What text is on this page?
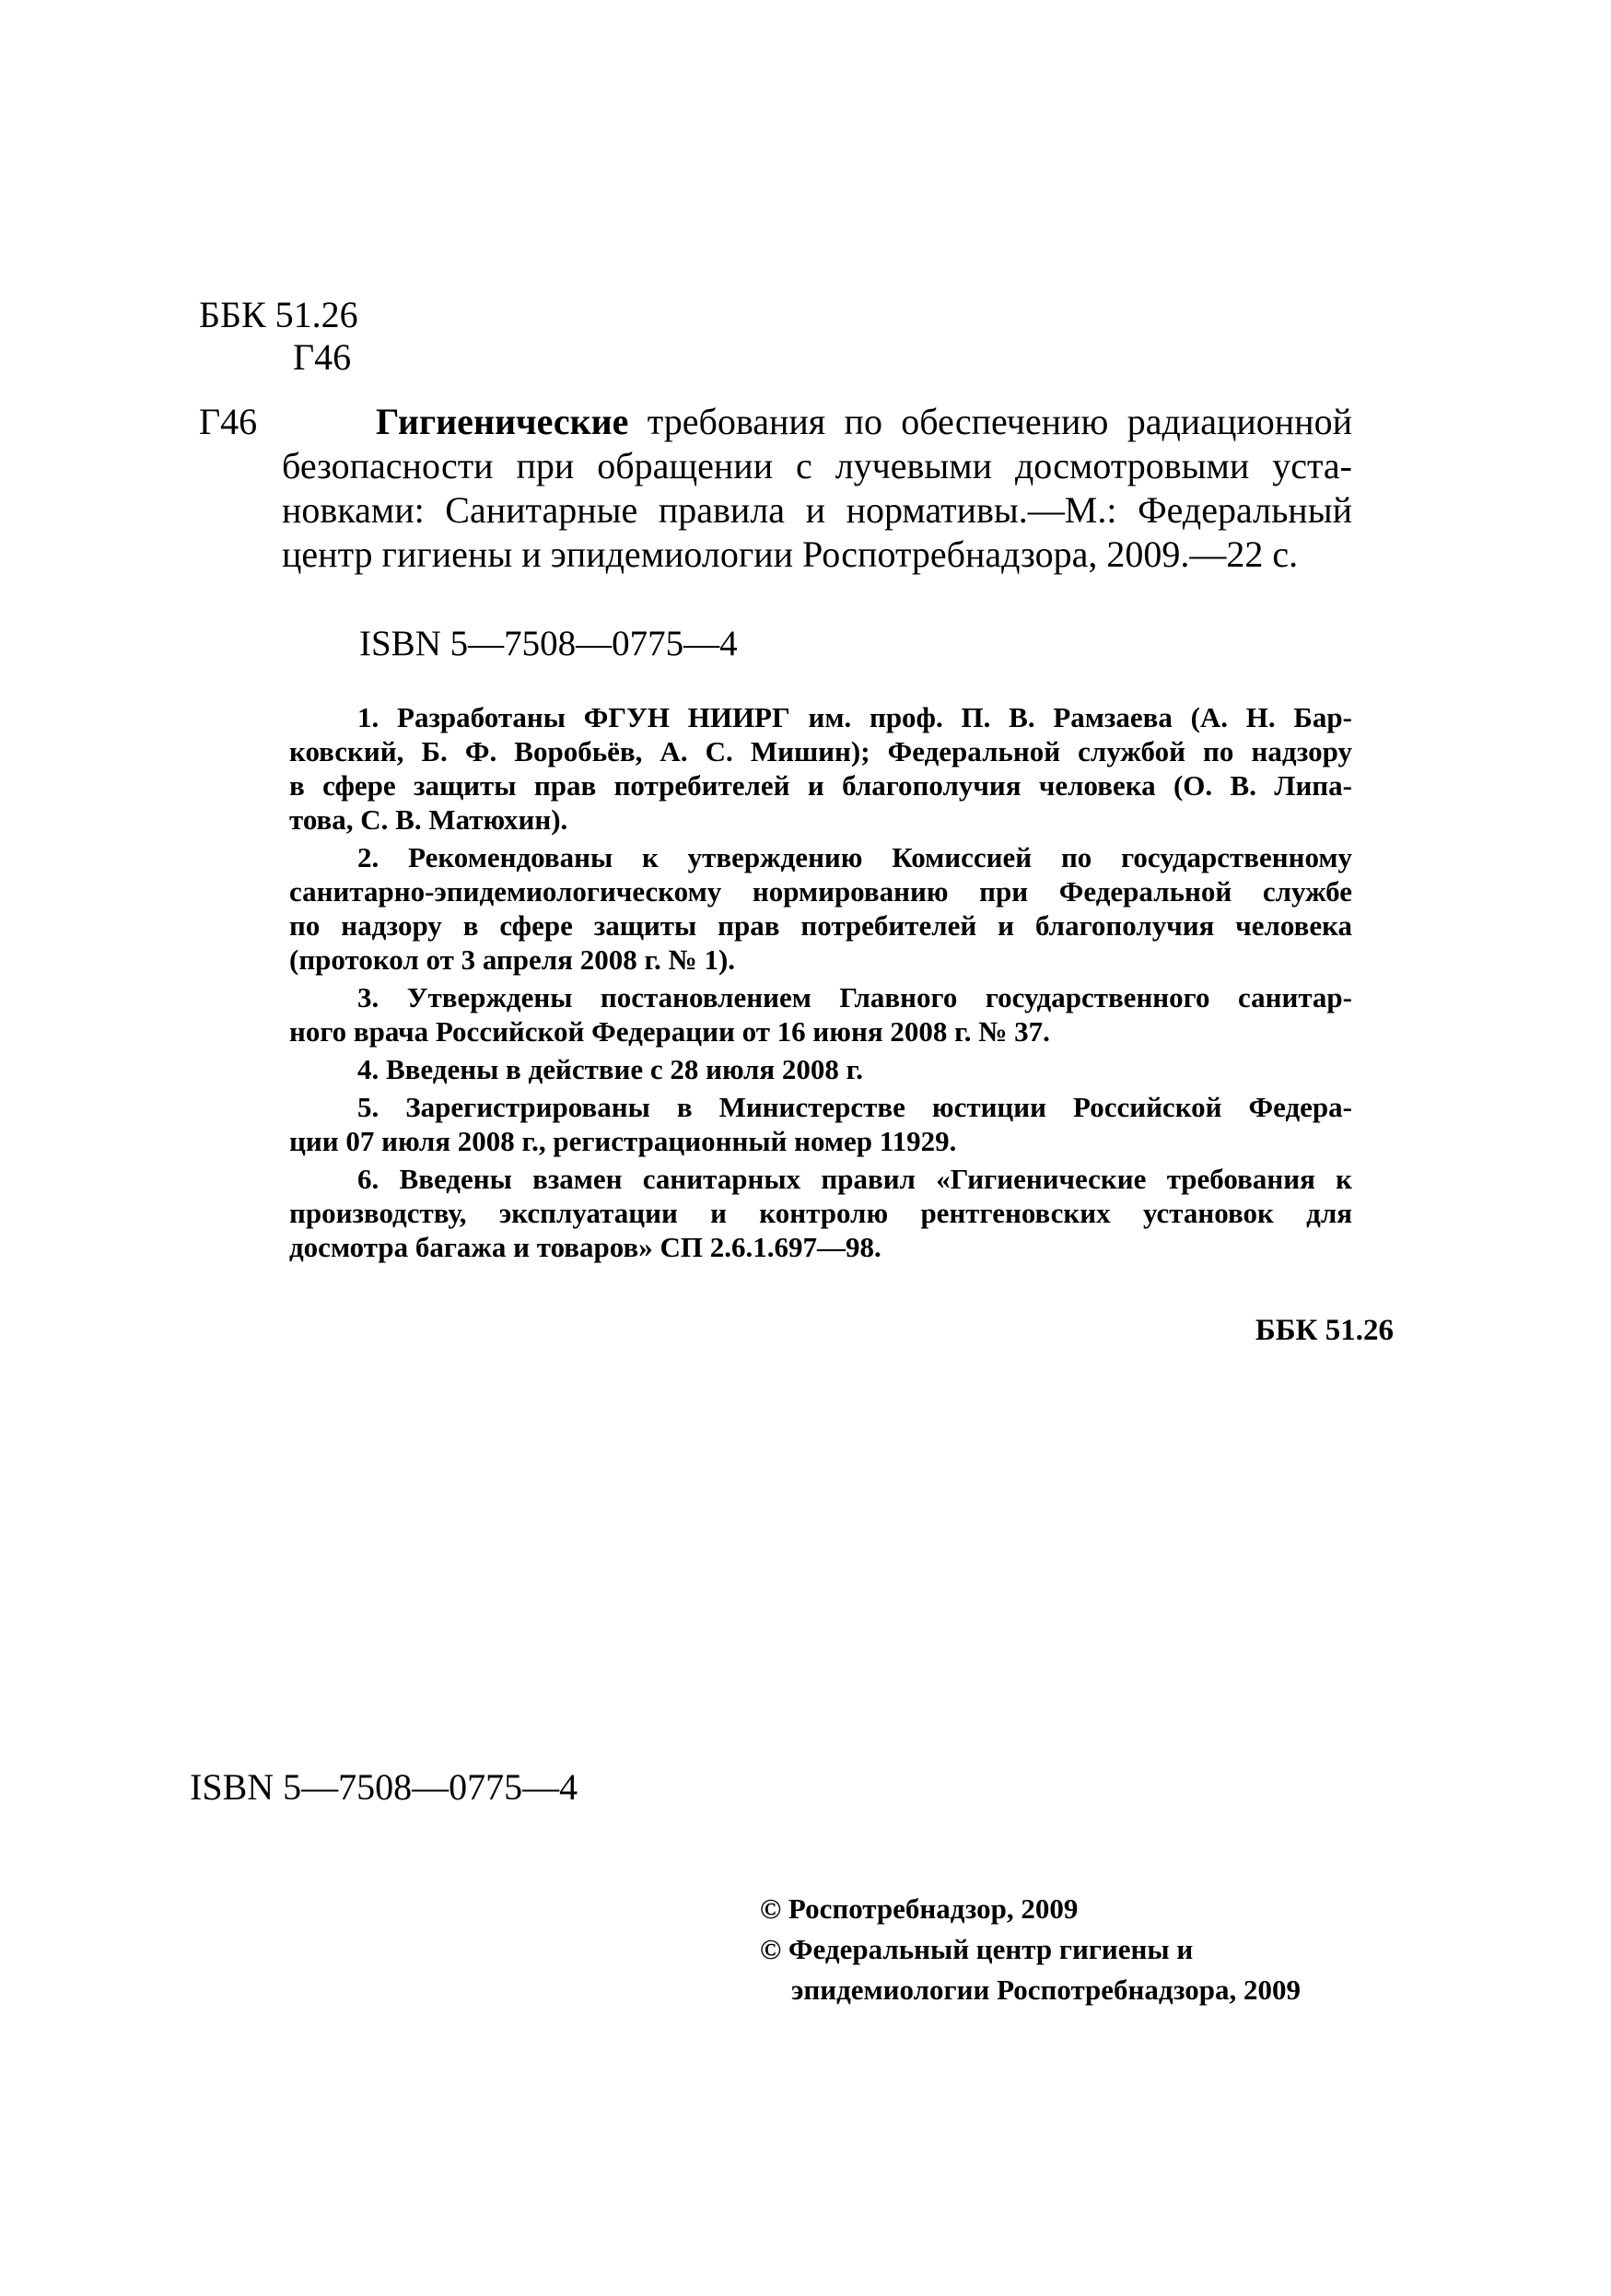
ББК 51.26
Г46
Г46	Гигиенические требования по обеспечению радиационной
безопасности при обращении с лучевыми досмотровыми уста-
новками: Санитарные правила и нормативы.—М.: Федеральный
центр гигиены и эпидемиологии Роспотребнадзора, 2009.—22 с.
ISBN 5—7508—0775—4
1. Разработаны ФГУН НИИРГ им. проф. П. В. Рамзаева (А. Н. Бар-
ковский, Б. Ф. Воробьёв, А. С. Мишин); Федеральной службой по надзору
в сфере защиты прав потребителей и благополучия человека (О. В. Липа-
това, С. В. Матюхин).
2. Рекомендованы к утверждению Комиссией по государственному
санитарно-эпидемиологическому нормированию при Федеральной службе
по надзору в сфере защиты прав потребителей и благополучия человека
(протокол от 3 апреля 2008 г. № 1).
3. Утверждены постановлением Главного государственного санитар-
ного врача Российской Федерации от 16 июня 2008 г. № 37.
4. Введены в действие с 28 июля 2008 г.
5. Зарегистрированы в Министерстве юстиции Российской Федера-
ции 07 июля 2008 г., регистрационный номер 11929.
6. Введены взамен санитарных правил «Гигиенические требования к
производству, эксплуатации и контролю рентгеновских установок для
досмотра багажа и товаров» СП 2.6.1.697—98.
ББК 51.26
ISBN 5—7508—0775—4
© Роспотребнадзор, 2009
© Федеральный центр гигиены и
эпидемиологии Роспотребнадзора, 2009
